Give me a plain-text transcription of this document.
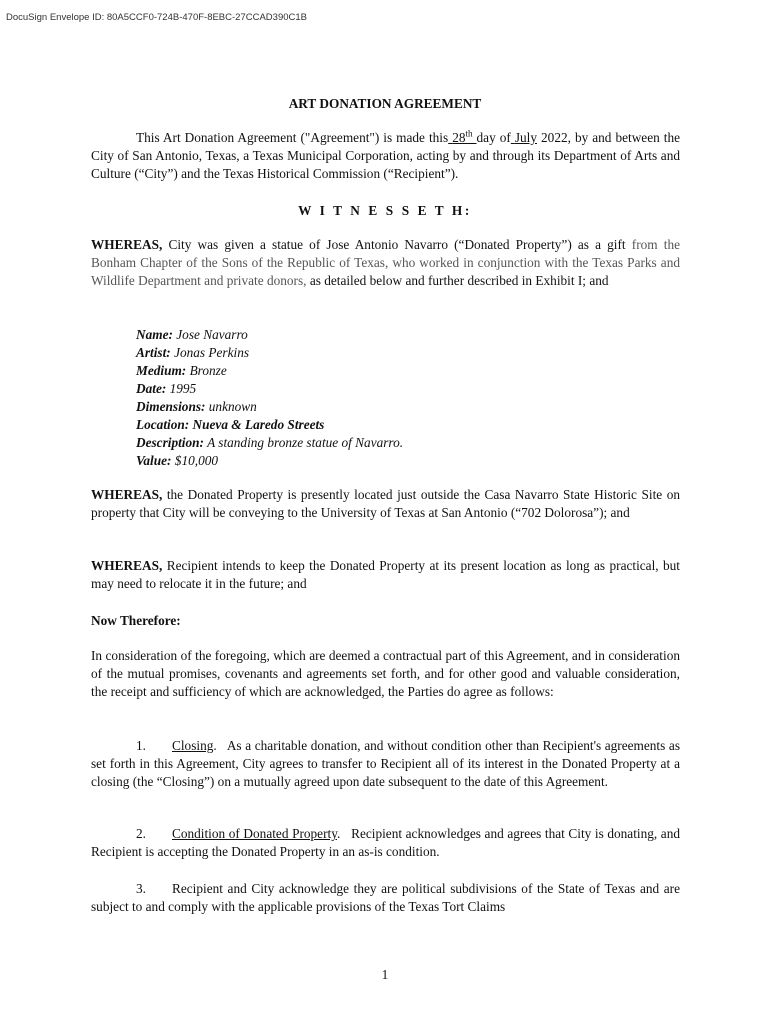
DocuSign Envelope ID: 80A5CCF0-724B-470F-8EBC-27CCAD390C1B
ART DONATION AGREEMENT
This Art Donation Agreement ("Agreement") is made this 28th day of July 2022, by and between the City of San Antonio, Texas, a Texas Municipal Corporation, acting by and through its Department of Arts and Culture (“City”) and the Texas Historical Commission (“Recipient”).
W I T N E S S E T H:
WHEREAS, City was given a statue of Jose Antonio Navarro (“Donated Property”) as a gift from the Bonham Chapter of the Sons of the Republic of Texas, who worked in conjunction with the Texas Parks and Wildlife Department and private donors, as detailed below and further described in Exhibit I; and
Name: Jose Navarro
Artist: Jonas Perkins
Medium: Bronze
Date: 1995
Dimensions: unknown
Location: Nueva & Laredo Streets
Description: A standing bronze statue of Navarro.
Value: $10,000
WHEREAS, the Donated Property is presently located just outside the Casa Navarro State Historic Site on property that City will be conveying to the University of Texas at San Antonio (“702 Dolorosa”); and
WHEREAS, Recipient intends to keep the Donated Property at its present location as long as practical, but may need to relocate it in the future; and
Now Therefore:
In consideration of the foregoing, which are deemed a contractual part of this Agreement, and in consideration of the mutual promises, covenants and agreements set forth, and for other good and valuable consideration, the receipt and sufficiency of which are acknowledged, the Parties do agree as follows:
1. Closing. As a charitable donation, and without condition other than Recipient's agreements as set forth in this Agreement, City agrees to transfer to Recipient all of its interest in the Donated Property at a closing (the “Closing”) on a mutually agreed upon date subsequent to the date of this Agreement.
2. Condition of Donated Property. Recipient acknowledges and agrees that City is donating, and Recipient is accepting the Donated Property in an as-is condition.
3. Recipient and City acknowledge they are political subdivisions of the State of Texas and are subject to and comply with the applicable provisions of the Texas Tort Claims
1
